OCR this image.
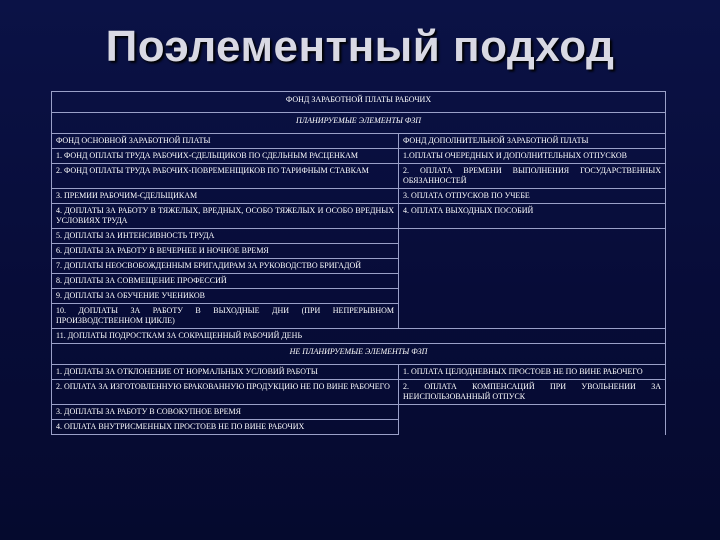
Поэлементный подход
ФОНД ЗАРАБОТНОЙ ПЛАТЫ РАБОЧИХ	
ПЛАНИРУЕМЫЕ ЭЛЕМЕНТЫ ФЗП	
ФОНД ОСНОВНОЙ ЗАРАБОТНОЙ ПЛАТЫ	ФОНД ДОПОЛНИТЕЛЬНОЙ ЗАРАБОТНОЙ ПЛАТЫ
1. ФОНД ОПЛАТЫ ТРУДА РАБОЧИХ-СДЕЛЬЩИКОВ ПО СДЕЛЬНЫМ РАСЦЕНКАМ	1.ОПЛАТЫ ОЧЕРЕДНЫХ И ДОПОЛНИТЕЛЬНЫХ ОТПУСКОВ
2. ФОНД ОПЛАТЫ ТРУДА РАБОЧИХ-ПОВРЕМЕНЩИКОВ ПО ТАРИФНЫМ СТАВКАМ	2. ОПЛАТА ВРЕМЕНИ ВЫПОЛНЕНИЯ ГОСУДАРСТВЕННЫХ ОБЯЗАННОСТЕЙ
3. ПРЕМИИ РАБОЧИМ-СДЕЛЬЩИКАМ	3. ОПЛАТА ОТПУСКОВ ПО УЧЕБЕ
4. ДОПЛАТЫ ЗА РАБОТУ В ТЯЖЕЛЫХ, ВРЕДНЫХ, ОСОБО ТЯЖЕЛЫХ И ОСОБО ВРЕДНЫХ УСЛОВИЯХ ТРУДА	4. ОПЛАТА ВЫХОДНЫХ ПОСОБИЙ
5. ДОПЛАТЫ ЗА ИНТЕНСИВНОСТЬ ТРУДА	
6. ДОПЛАТЫ ЗА РАБОТУ В ВЕЧЕРНЕЕ И НОЧНОЕ ВРЕМЯ	
7. ДОПЛАТЫ НЕОСВОБОЖДЕННЫМ БРИГАДИРАМ ЗА РУКОВОДСТВО БРИГАДОЙ	
8. ДОПЛАТЫ ЗА СОВМЕЩЕНИЕ ПРОФЕССИЙ	
9. ДОПЛАТЫ ЗА ОБУЧЕНИЕ УЧЕНИКОВ	
10. ДОПЛАТЫ ЗА РАБОТУ В ВЫХОДНЫЕ ДНИ (ПРИ НЕПРЕРЫВНОМ ПРОИЗВОДСТВЕННОМ ЦИКЛЕ)	
11. ДОПЛАТЫ ПОДРОСТКАМ ЗА СОКРАЩЕННЫЙ РАБОЧИЙ ДЕНЬ	
НЕ ПЛАНИРУЕМЫЕ ЭЛЕМЕНТЫ ФЗП	
1. ДОПЛАТЫ ЗА ОТКЛОНЕНИЕ ОТ НОРМАЛЬНЫХ УСЛОВИЙ РАБОТЫ	1. ОПЛАТА ЦЕЛОДНЕВНЫХ ПРОСТОЕВ НЕ ПО ВИНЕ РАБОЧЕГО
2. ОПЛАТА ЗА ИЗГОТОВЛЕННУЮ БРАКОВАННУЮ ПРОДУКЦИЮ НЕ ПО ВИНЕ РАБОЧЕГО	2. ОПЛАТА КОМПЕНСАЦИЙ ПРИ УВОЛЬНЕНИИ ЗА НЕИСПОЛЬЗОВАННЫЙ ОТПУСК
3. ДОПЛАТЫ ЗА РАБОТУ В СОВОКУПНОЕ ВРЕМЯ	
4. ОПЛАТА ВНУТРИСМЕННЫХ ПРОСТОЕВ НЕ ПО ВИНЕ РАБОЧИХ	
